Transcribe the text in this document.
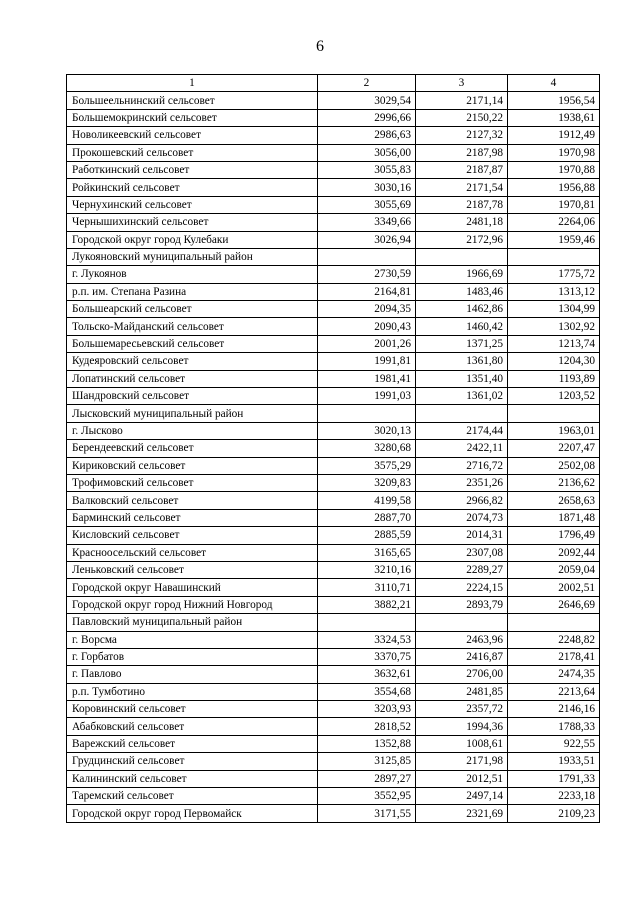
6
1	2	3	4
Большеельнинский сельсовет	3029,54	2171,14	1956,54
Большемокринский сельсовет	2996,66	2150,22	1938,61
Новоликеевский сельсовет	2986,63	2127,32	1912,49
Прокошевский сельсовет	3056,00	2187,98	1970,98
Работкинский сельсовет	3055,83	2187,87	1970,88
Ройкинский сельсовет	3030,16	2171,54	1956,88
Чернухинский сельсовет	3055,69	2187,78	1970,81
Чернышихинский сельсовет	3349,66	2481,18	2264,06
Городской округ город Кулебаки	3026,94	2172,96	1959,46
Лукояновский муниципальный район			
г. Лукоянов	2730,59	1966,69	1775,72
р.п. им. Степана Разина	2164,81	1483,46	1313,12
Большеарский сельсовет	2094,35	1462,86	1304,99
Тольско-Майданский сельсовет	2090,43	1460,42	1302,92
Большемаресьевский сельсовет	2001,26	1371,25	1213,74
Кудеяровский сельсовет	1991,81	1361,80	1204,30
Лопатинский сельсовет	1981,41	1351,40	1193,89
Шандровский сельсовет	1991,03	1361,02	1203,52
Лысковский муниципальный район			
г. Лысково	3020,13	2174,44	1963,01
Берендеевский сельсовет	3280,68	2422,11	2207,47
Кириковский сельсовет	3575,29	2716,72	2502,08
Трофимовский сельсовет	3209,83	2351,26	2136,62
Валковский сельсовет	4199,58	2966,82	2658,63
Барминский сельсовет	2887,70	2074,73	1871,48
Кисловский сельсовет	2885,59	2014,31	1796,49
Красноосельский сельсовет	3165,65	2307,08	2092,44
Леньковский сельсовет	3210,16	2289,27	2059,04
Городской округ Навашинский	3110,71	2224,15	2002,51
Городской округ город Нижний Новгород	3882,21	2893,79	2646,69
Павловский муниципальный район			
г. Ворсма	3324,53	2463,96	2248,82
г. Горбатов	3370,75	2416,87	2178,41
г. Павлово	3632,61	2706,00	2474,35
р.п. Тумботино	3554,68	2481,85	2213,64
Коровинский сельсовет	3203,93	2357,72	2146,16
Абабковский сельсовет	2818,52	1994,36	1788,33
Варежский сельсовет	1352,88	1008,61	922,55
Грудцинский сельсовет	3125,85	2171,98	1933,51
Калининский сельсовет	2897,27	2012,51	1791,33
Таремский сельсовет	3552,95	2497,14	2233,18
Городской округ город Первомайск	3171,55	2321,69	2109,23
